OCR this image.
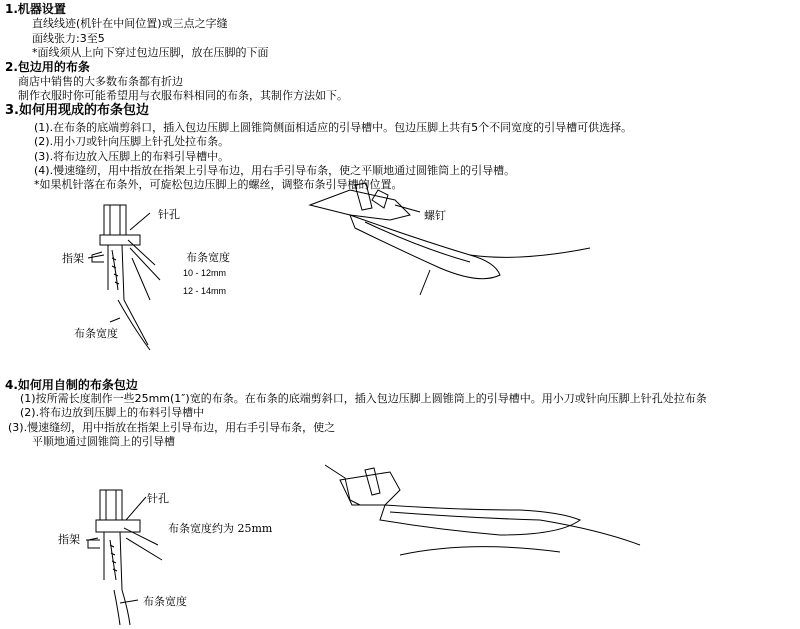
1.机器设置
直线线迹(机针在中间位置)或三点之字缝
面线张力:3至5
*面线须从上向下穿过包边压脚，放在压脚的下面
2.包边用的布条
商店中销售的大多数布条都有折边
制作衣服时你可能希望用与衣服布料相同的布条，其制作方法如下。
3.如何用现成的布条包边
(1).在布条的底端剪斜口，插入包边压脚上圆锥筒侧面相适应的引导槽中。包边压脚上共有5个不同宽度的引导槽可供选择。
(2).用小刀或针向压脚上针孔处拉布条。
(3).将布边放入压脚上的布料引导槽中。
(4).慢速缝纫，用中指放在指架上引导布边，用右手引导布条，使之平顺地通过圆锥筒上的引导槽。
*如果机针落在布条外，可旋松包边压脚上的螺丝，调整布条引导槽的位置。
针孔
指架	布条宽度
10 - 12mm
12 - 14mm
布条宽度
螺钉
4.如何用自制的布条包边
(1)按所需长度制作一些25mm(1″)宽的布条。在布条的底端剪斜口，插入包边压脚上圆锥筒上的引导槽中。用小刀或针向压脚上针孔处拉布条
(2).将布边放到压脚上的布料引导槽中
(3).慢速缝纫，用中指放在指架上引导布边，用右手引导布条，使之
平顺地通过圆锥筒上的引导槽
针孔
指架
布条宽度约为 25mm
布条宽度
